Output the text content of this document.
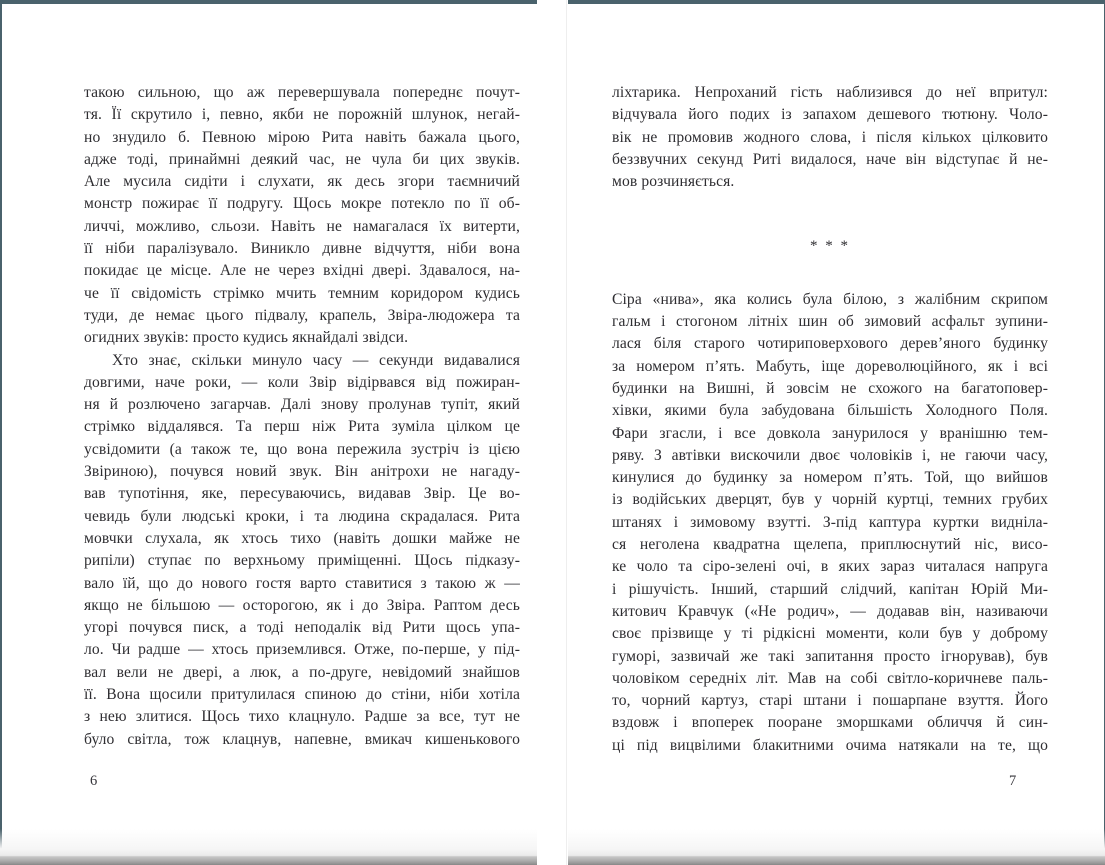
такою сильною, що аж перевершувала попереднє почут-
тя. Її скрутило і, певно, якби не порожній шлунок, негай-
но знудило б. Певною мірою Рита навіть бажала цього,
адже тоді, принаймні деякий час, не чула би цих звуків.
Але мусила сидіти і слухати, як десь згори таємничий
монстр пожирає її подругу. Щось мокре потекло по її об-
личчі, можливо, сльози. Навіть не намагалася їх витерти,
її ніби паралізувало. Виникло дивне відчуття, ніби вона
покидає це місце. Але не через вхідні двері. Здавалося, на-
че її свідомість стрімко мчить темним коридором кудись
туди, де немає цього підвалу, крапель, Звіра-людожера та
огидних звуків: просто кудись якнайдалі звідси.
Хто знає, скільки минуло часу — секунди видавалися
довгими, наче роки, — коли Звір відірвався від пожиран-
ня й розлючено загарчав. Далі знову пролунав тупіт, який
стрімко віддалявся. Та перш ніж Рита зуміла цілком це
усвідомити (а також те, що вона пережила зустріч із цією
Звіриною), почувся новий звук. Він анітрохи не нагаду-
вав тупотіння, яке, пересуваючись, видавав Звір. Це во-
чевидь були людські кроки, і та людина скрадалася. Рита
мовчки слухала, як хтось тихо (навіть дошки майже не
рипіли) ступає по верхньому приміщенні. Щось підказу-
вало їй, що до нового гостя варто ставитися з такою ж —
якщо не більшою — осторогою, як і до Звіра. Раптом десь
угорі почувся писк, а тоді неподалік від Рити щось упа-
ло. Чи радше — хтось приземлився. Отже, по-перше, у під-
вал вели не двері, а люк, а по-друге, невідомий знайшов
її. Вона щосили притулилася спиною до стіни, ніби хотіла
з нею злитися. Щось тихо клацнуло. Радше за все, тут не
було світла, тож клацнув, напевне, вмикач кишенькового
ліхтарика. Непроханий гість наблизився до неї впритул:
відчувала його подих із запахом дешевого тютюну. Чоло-
вік не промовив жодного слова, і після кількох цілковито
беззвучних секунд Риті видалося, наче він відступає й не-
мов розчиняється.
* * *
Сіра «нива», яка колись була білою, з жалібним скрипом
гальм і стогоном літніх шин об зимовий асфальт зупини-
лася біля старого чотириповерхового дерев’яного будинку
за номером п’ять. Мабуть, іще дореволюційного, як і всі
будинки на Вишні, й зовсім не схожого на багатоповер-
хівки, якими була забудована більшість Холодного Поля.
Фари згасли, і все довкола занурилося у вранішню тем-
ряву. З автівки вискочили двоє чоловіків і, не гаючи часу,
кинулися до будинку за номером п’ять. Той, що вийшов
із водійських дверцят, був у чорній куртці, темних грубих
штанях і зимовому взутті. З-під каптура куртки видніла-
ся неголена квадратна щелепа, приплюснутий ніс, висо-
ке чоло та сіро-зелені очі, в яких зараз читалася напруга
і рішучість. Інший, старший слідчий, капітан Юрій Ми-
китович Кравчук («Не родич», — додавав він, називаючи
своє прізвище у ті рідкісні моменти, коли був у доброму
гуморі, зазвичай же такі запитання просто ігнорував), був
чоловіком середніх літ. Мав на собі світло-коричневе паль-
то, чорний картуз, старі штани і пошарпане взуття. Його
вздовж і впоперек пооране зморшками обличчя й син-
ці під вицвілими блакитними очима натякали на те, що
6	7
